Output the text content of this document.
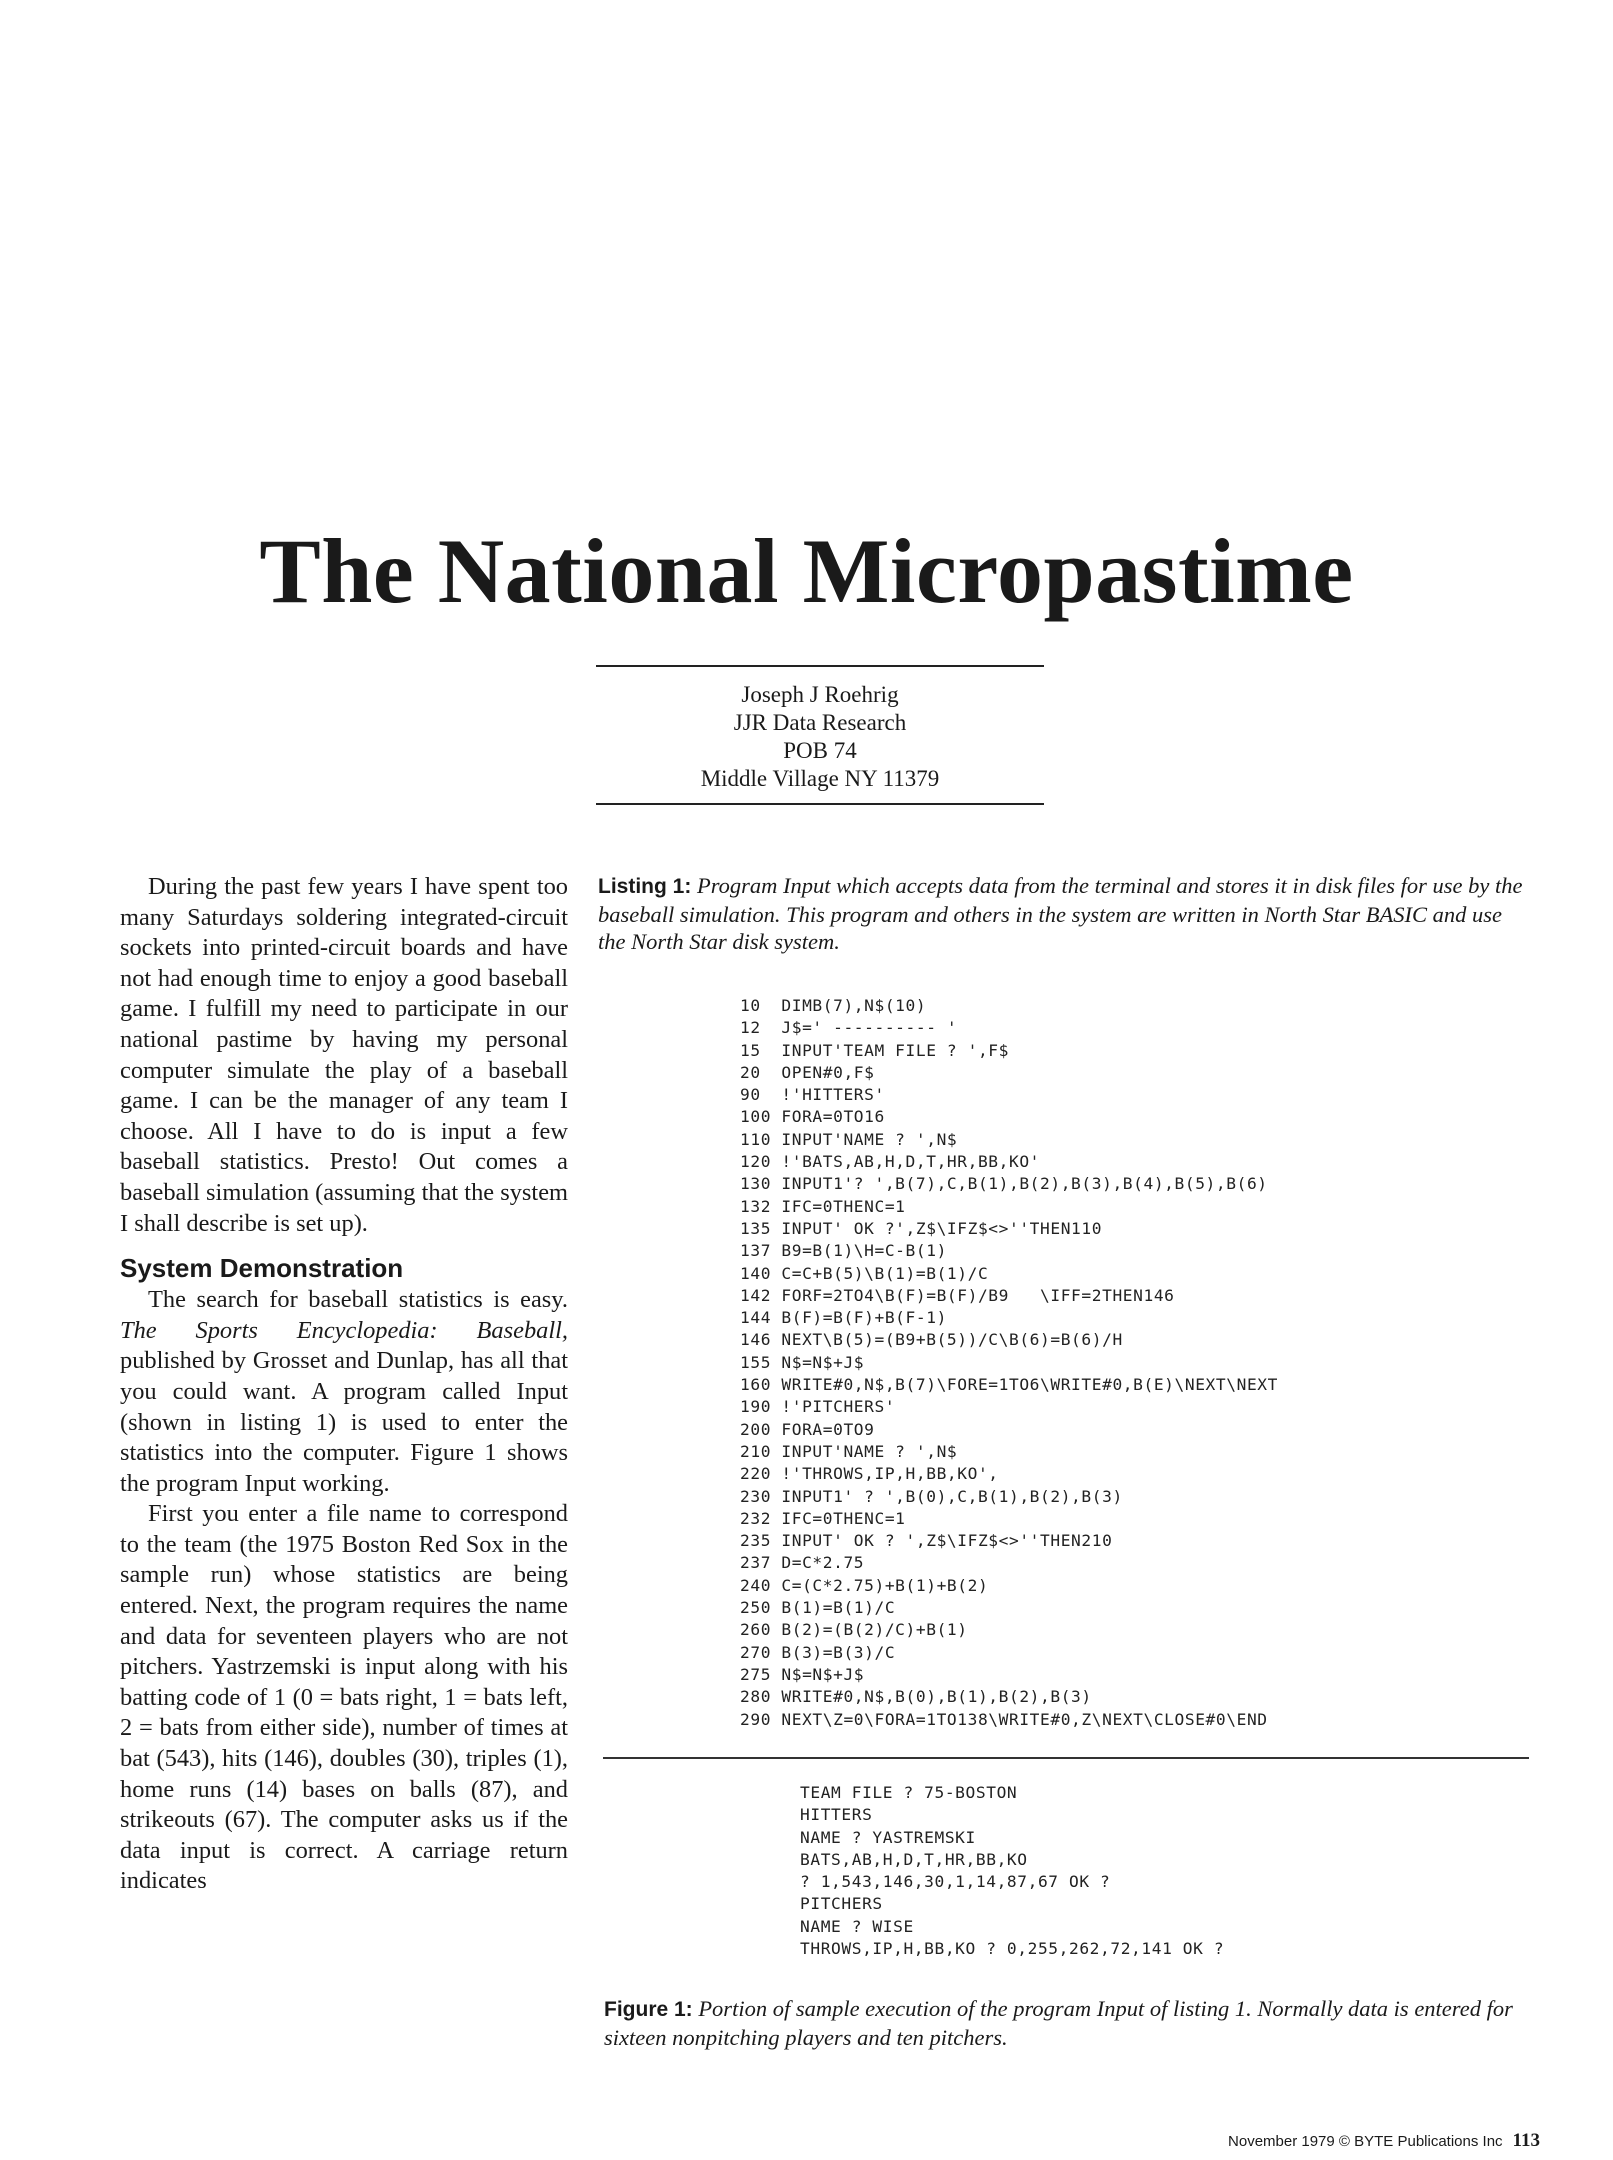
The National Micropastime
Joseph J Roehrig
JJR Data Research
POB 74
Middle Village NY 11379

During the past few years I have spent too many Saturdays soldering integrated-circuit sockets into printed-circuit boards and have not had enough time to enjoy a good baseball game. I fulfill my need to participate in our national pastime by having my personal computer simulate the play of a baseball game. I can be the manager of any team I choose. All I have to do is input a few baseball statistics. Presto! Out comes a baseball simulation (assuming that the system I shall describe is set up).

System Demonstration

The search for baseball statistics is easy. The Sports Encyclopedia: Baseball, published by Grosset and Dunlap, has all that you could want. A program called Input (shown in listing 1) is used to enter the statistics into the computer. Figure 1 shows the program Input working.

First you enter a file name to correspond to the team (the 1975 Boston Red Sox in the sample run) whose statistics are being entered. Next, the program requires the name and data for seventeen players who are not pitchers. Yastrzemski is input along with his batting code of 1 (0 = bats right, 1 = bats left, 2 = bats from either side), number of times at bat (543), hits (146), doubles (30), triples (1), home runs (14) bases on balls (87), and strikeouts (67). The computer asks us if the data input is correct. A carriage return indicates

Listing 1: Program Input which accepts data from the terminal and stores it in disk files for use by the baseball simulation. This program and others in the system are written in North Star BASIC and use the North Star disk system.
10  DIMB(7),N$(10)
12  J$=' ---------- '
15  INPUT'TEAM FILE ? ',F$
20  OPEN#0,F$
90  !'HITTERS'
100 FORA=0TO16
110 INPUT'NAME ? ',N$
120 !'BATS,AB,H,D,T,HR,BB,KO'
130 INPUT1'? ',B(7),C,B(1),B(2),B(3),B(4),B(5),B(6)
132 IFC=0THENC=1
135 INPUT' OK ?',Z$\IFZ$<>''THEN110
137 B9=B(1)\H=C-B(1)
140 C=C+B(5)\B(1)=B(1)/C
142 FORF=2TO4\B(F)=B(F)/B9   \IFF=2THEN146
144 B(F)=B(F)+B(F-1)
146 NEXT\B(5)=(B9+B(5))/C\B(6)=B(6)/H
155 N$=N$+J$
160 WRITE#0,N$,B(7)\FORE=1TO6\WRITE#0,B(E)\NEXT\NEXT
190 !'PITCHERS'
200 FORA=0TO9
210 INPUT'NAME ? ',N$
220 !'THROWS,IP,H,BB,KO',
230 INPUT1' ? ',B(0),C,B(1),B(2),B(3)
232 IFC=0THENC=1
235 INPUT' OK ? ',Z$\IFZ$<>''THEN210
237 D=C*2.75
240 C=(C*2.75)+B(1)+B(2)
250 B(1)=B(1)/C
260 B(2)=(B(2)/C)+B(1)
270 B(3)=B(3)/C
275 N$=N$+J$
280 WRITE#0,N$,B(0),B(1),B(2),B(3)
290 NEXT\Z=0\FORA=1TO138\WRITE#0,Z\NEXT\CLOSE#0\END
TEAM FILE ? 75-BOSTON
HITTERS
NAME ? YASTREMSKI
BATS,AB,H,D,T,HR,BB,KO
? 1,543,146,30,1,14,87,67 OK ?
PITCHERS
NAME ? WISE
THROWS,IP,H,BB,KO ? 0,255,262,72,141 OK ?
Figure 1: Portion of sample execution of the program Input of listing 1. Normally data is entered for sixteen nonpitching players and ten pitchers.
November 1979 © BYTE Publications Inc 113
